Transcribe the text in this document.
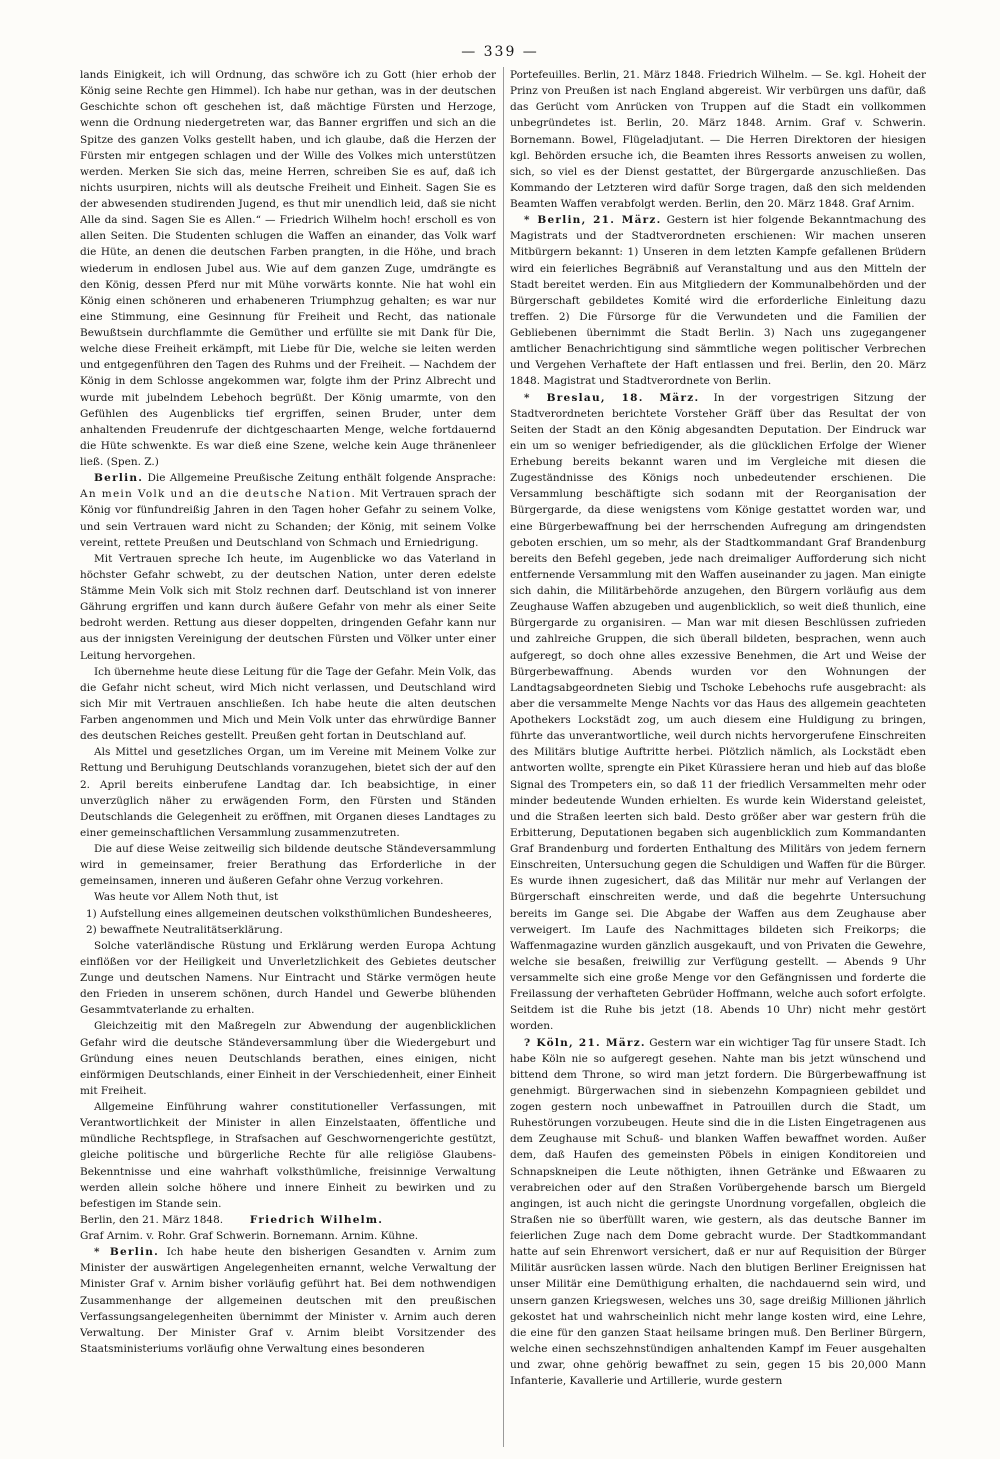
— 339 —

lands Einigkeit, ich will Ordnung, das schwöre ich zu Gott (hier erhob der König seine Rechte gen Himmel). Ich habe nur gethan, was in der deutschen Geschichte schon oft geschehen ist, daß mächtige Fürsten und Herzoge, wenn die Ordnung niedergetreten war, das Banner ergriffen und sich an die Spitze des ganzen Volks gestellt haben, und ich glaube, daß die Herzen der Fürsten mir entgegen schlagen und der Wille des Volkes mich unterstützen werden. Merken Sie sich das, meine Herren, schreiben Sie es auf, daß ich nichts usurpiren, nichts will als deutsche Freiheit und Einheit. Sagen Sie es der abwesenden studirenden Jugend, es thut mir unendlich leid, daß sie nicht Alle da sind. Sagen Sie es Allen.“ — Friedrich Wilhelm hoch! erscholl es von allen Seiten. Die Studenten schlugen die Waffen an einander, das Volk warf die Hüte, an denen die deutschen Farben prangten, in die Höhe, und brach wiederum in endlosen Jubel aus. Wie auf dem ganzen Zuge, umdrängte es den König, dessen Pferd nur mit Mühe vorwärts konnte. Nie hat wohl ein König einen schöneren und erhabeneren Triumphzug gehalten; es war nur eine Stimmung, eine Gesinnung für Freiheit und Recht, das nationale Bewußtsein durchflammte die Gemüther und erfüllte sie mit Dank für Die, welche diese Freiheit erkämpft, mit Liebe für Die, welche sie leiten werden und entgegenführen den Tagen des Ruhms und der Freiheit. — Nachdem der König in dem Schlosse angekommen war, folgte ihm der Prinz Albrecht und wurde mit jubelndem Lebehoch begrüßt. Der König umarmte, von den Gefühlen des Augenblicks tief ergriffen, seinen Bruder, unter dem anhaltenden Freudenrufe der dichtgeschaarten Menge, welche fortdauernd die Hüte schwenkte. Es war dieß eine Szene, welche kein Auge thränenleer ließ. (Spen. Z.)

Berlin. Die Allgemeine Preußische Zeitung enthält folgende Ansprache: An mein Volk und an die deutsche Nation. Mit Vertrauen sprach der König vor fünfundreißig Jahren in den Tagen hoher Gefahr zu seinem Volke, und sein Vertrauen ward nicht zu Schanden; der König, mit seinem Volke vereint, rettete Preußen und Deutschland von Schmach und Erniedrigung.

Mit Vertrauen spreche Ich heute, im Augenblicke wo das Vaterland in höchster Gefahr schwebt, zu der deutschen Nation, unter deren edelste Stämme Mein Volk sich mit Stolz rechnen darf. Deutschland ist von innerer Gährung ergriffen und kann durch äußere Gefahr von mehr als einer Seite bedroht werden. Rettung aus dieser doppelten, dringenden Gefahr kann nur aus der innigsten Vereinigung der deutschen Fürsten und Völker unter einer Leitung hervorgehen.

Ich übernehme heute diese Leitung für die Tage der Gefahr. Mein Volk, das die Gefahr nicht scheut, wird Mich nicht verlassen, und Deutschland wird sich Mir mit Vertrauen anschließen. Ich habe heute die alten deutschen Farben angenommen und Mich und Mein Volk unter das ehrwürdige Banner des deutschen Reiches gestellt. Preußen geht fortan in Deutschland auf.

Als Mittel und gesetzliches Organ, um im Vereine mit Meinem Volke zur Rettung und Beruhigung Deutschlands voranzugehen, bietet sich der auf den 2. April bereits einberufene Landtag dar. Ich beabsichtige, in einer unverzüglich näher zu erwägenden Form, den Fürsten und Ständen Deutschlands die Gelegenheit zu eröffnen, mit Organen dieses Landtages zu einer gemeinschaftlichen Versammlung zusammenzutreten.

Die auf diese Weise zeitweilig sich bildende deutsche Ständeversammlung wird in gemeinsamer, freier Berathung das Erforderliche in der gemeinsamen, inneren und äußeren Gefahr ohne Verzug vorkehren.

Was heute vor Allem Noth thut, ist

1) Aufstellung eines allgemeinen deutschen volksthümlichen Bundesheeres,

2) bewaffnete Neutralitätserklärung.

Solche vaterländische Rüstung und Erklärung werden Europa Achtung einflößen vor der Heiligkeit und Unverletzlichkeit des Gebietes deutscher Zunge und deutschen Namens. Nur Eintracht und Stärke vermögen heute den Frieden in unserem schönen, durch Handel und Gewerbe blühenden Gesammtvaterlande zu erhalten.

Gleichzeitig mit den Maßregeln zur Abwendung der augenblicklichen Gefahr wird die deutsche Ständeversammlung über die Wiedergeburt und Gründung eines neuen Deutschlands berathen, eines einigen, nicht einförmigen Deutschlands, einer Einheit in der Verschiedenheit, einer Einheit mit Freiheit.

Allgemeine Einführung wahrer constitutioneller Verfassungen, mit Verantwortlichkeit der Minister in allen Einzelstaaten, öffentliche und mündliche Rechtspflege, in Strafsachen auf Geschwornengerichte gestützt, gleiche politische und bürgerliche Rechte für alle religiöse Glaubens-Bekenntnisse und eine wahrhaft volksthümliche, freisinnige Verwaltung werden allein solche höhere und innere Einheit zu bewirken und zu befestigen im Stande sein.

Berlin, den 21. März 1848.	Friedrich Wilhelm.

Graf Arnim. v. Rohr. Graf Schwerin. Bornemann. Arnim. Kühne.

* Berlin. Ich habe heute den bisherigen Gesandten v. Arnim zum Minister der auswärtigen Angelegenheiten ernannt, welche Verwaltung der Minister Graf v. Arnim bisher vorläufig geführt hat. Bei dem nothwendigen Zusammenhange der allgemeinen deutschen mit den preußischen Verfassungsangelegenheiten übernimmt der Minister v. Arnim auch deren Verwaltung. Der Minister Graf v. Arnim bleibt Vorsitzender des Staatsministeriums vorläufig ohne Verwaltung eines besonderen

Portefeuilles. Berlin, 21. März 1848. Friedrich Wilhelm. — Se. kgl. Hoheit der Prinz von Preußen ist nach England abgereist. Wir verbürgen uns dafür, daß das Gerücht vom Anrücken von Truppen auf die Stadt ein vollkommen unbegründetes ist. Berlin, 20. März 1848. Arnim. Graf v. Schwerin. Bornemann. Bowel, Flügeladjutant. — Die Herren Direktoren der hiesigen kgl. Behörden ersuche ich, die Beamten ihres Ressorts anweisen zu wollen, sich, so viel es der Dienst gestattet, der Bürgergarde anzuschließen. Das Kommando der Letzteren wird dafür Sorge tragen, daß den sich meldenden Beamten Waffen verabfolgt werden. Berlin, den 20. März 1848. Graf Arnim.

* Berlin, 21. März. Gestern ist hier folgende Bekanntmachung des Magistrats und der Stadtverordneten erschienen: Wir machen unseren Mitbürgern bekannt: 1) Unseren in dem letzten Kampfe gefallenen Brüdern wird ein feierliches Begräbniß auf Veranstaltung und aus den Mitteln der Stadt bereitet werden. Ein aus Mitgliedern der Kommunalbehörden und der Bürgerschaft gebildetes Komité wird die erforderliche Einleitung dazu treffen. 2) Die Fürsorge für die Verwundeten und die Familien der Gebliebenen übernimmt die Stadt Berlin. 3) Nach uns zugegangener amtlicher Benachrichtigung sind sämmtliche wegen politischer Verbrechen und Vergehen Verhaftete der Haft entlassen und frei. Berlin, den 20. März 1848. Magistrat und Stadtverordnete von Berlin.

* Breslau, 18. März. In der vorgestrigen Sitzung der Stadtverordneten berichtete Vorsteher Gräff über das Resultat der von Seiten der Stadt an den König abgesandten Deputation. Der Eindruck war ein um so weniger befriedigender, als die glücklichen Erfolge der Wiener Erhebung bereits bekannt waren und im Vergleiche mit diesen die Zugeständnisse des Königs noch unbedeutender erschienen. Die Versammlung beschäftigte sich sodann mit der Reorganisation der Bürgergarde, da diese wenigstens vom Könige gestattet worden war, und eine Bürgerbewaffnung bei der herrschenden Aufregung am dringendsten geboten erschien, um so mehr, als der Stadtkommandant Graf Brandenburg bereits den Befehl gegeben, jede nach dreimaliger Aufforderung sich nicht entfernende Versammlung mit den Waffen auseinander zu jagen. Man einigte sich dahin, die Militärbehörde anzugehen, den Bürgern vorläufig aus dem Zeughause Waffen abzugeben und augenblicklich, so weit dieß thunlich, eine Bürgergarde zu organisiren. — Man war mit diesen Beschlüssen zufrieden und zahlreiche Gruppen, die sich überall bildeten, besprachen, wenn auch aufgeregt, so doch ohne alles exzessive Benehmen, die Art und Weise der Bürgerbewaffnung. Abends wurden vor den Wohnungen der Landtagsabgeordneten Siebig und Tschoke Lebehochs rufe ausgebracht: als aber die versammelte Menge Nachts vor das Haus des allgemein geachteten Apothekers Lockstädt zog, um auch diesem eine Huldigung zu bringen, führte das unverantwortliche, weil durch nichts hervorgerufene Einschreiten des Militärs blutige Auftritte herbei. Plötzlich nämlich, als Lockstädt eben antworten wollte, sprengte ein Piket Kürassiere heran und hieb auf das bloße Signal des Trompeters ein, so daß 11 der friedlich Versammelten mehr oder minder bedeutende Wunden erhielten. Es wurde kein Widerstand geleistet, und die Straßen leerten sich bald. Desto größer aber war gestern früh die Erbitterung, Deputationen begaben sich augenblicklich zum Kommandanten Graf Brandenburg und forderten Enthaltung des Militärs von jedem fernern Einschreiten, Untersuchung gegen die Schuldigen und Waffen für die Bürger. Es wurde ihnen zugesichert, daß das Militär nur mehr auf Verlangen der Bürgerschaft einschreiten werde, und daß die begehrte Untersuchung bereits im Gange sei. Die Abgabe der Waffen aus dem Zeughause aber verweigert. Im Laufe des Nachmittages bildeten sich Freikorps; die Waffenmagazine wurden gänzlich ausgekauft, und von Privaten die Gewehre, welche sie besaßen, freiwillig zur Verfügung gestellt. — Abends 9 Uhr versammelte sich eine große Menge vor den Gefängnissen und forderte die Freilassung der verhafteten Gebrüder Hoffmann, welche auch sofort erfolgte. Seitdem ist die Ruhe bis jetzt (18. Abends 10 Uhr) nicht mehr gestört worden.

? Köln, 21. März. Gestern war ein wichtiger Tag für unsere Stadt. Ich habe Köln nie so aufgeregt gesehen. Nahte man bis jetzt wünschend und bittend dem Throne, so wird man jetzt fordern. Die Bürgerbewaffnung ist genehmigt. Bürgerwachen sind in siebenzehn Kompagnieen gebildet und zogen gestern noch unbewaffnet in Patrouillen durch die Stadt, um Ruhestörungen vorzubeugen. Heute sind die in die Listen Eingetragenen aus dem Zeughause mit Schuß- und blanken Waffen bewaffnet worden. Außer dem, daß Haufen des gemeinsten Pöbels in einigen Konditoreien und Schnapskneipen die Leute nöthigten, ihnen Getränke und Eßwaaren zu verabreichen oder auf den Straßen Vorübergehende barsch um Biergeld angingen, ist auch nicht die geringste Unordnung vorgefallen, obgleich die Straßen nie so überfüllt waren, wie gestern, als das deutsche Banner im feierlichen Zuge nach dem Dome gebracht wurde. Der Stadtkommandant hatte auf sein Ehrenwort versichert, daß er nur auf Requisition der Bürger Militär ausrücken lassen würde. Nach den blutigen Berliner Ereignissen hat unser Militär eine Demüthigung erhalten, die nachdauernd sein wird, und unsern ganzen Kriegswesen, welches uns 30, sage dreißig Millionen jährlich gekostet hat und wahrscheinlich nicht mehr lange kosten wird, eine Lehre, die eine für den ganzen Staat heilsame bringen muß. Den Berliner Bürgern, welche einen sechszehnstündigen anhaltenden Kampf im Feuer ausgehalten und zwar, ohne gehörig bewaffnet zu sein, gegen 15 bis 20,000 Mann Infanterie, Kavallerie und Artillerie, wurde gestern
